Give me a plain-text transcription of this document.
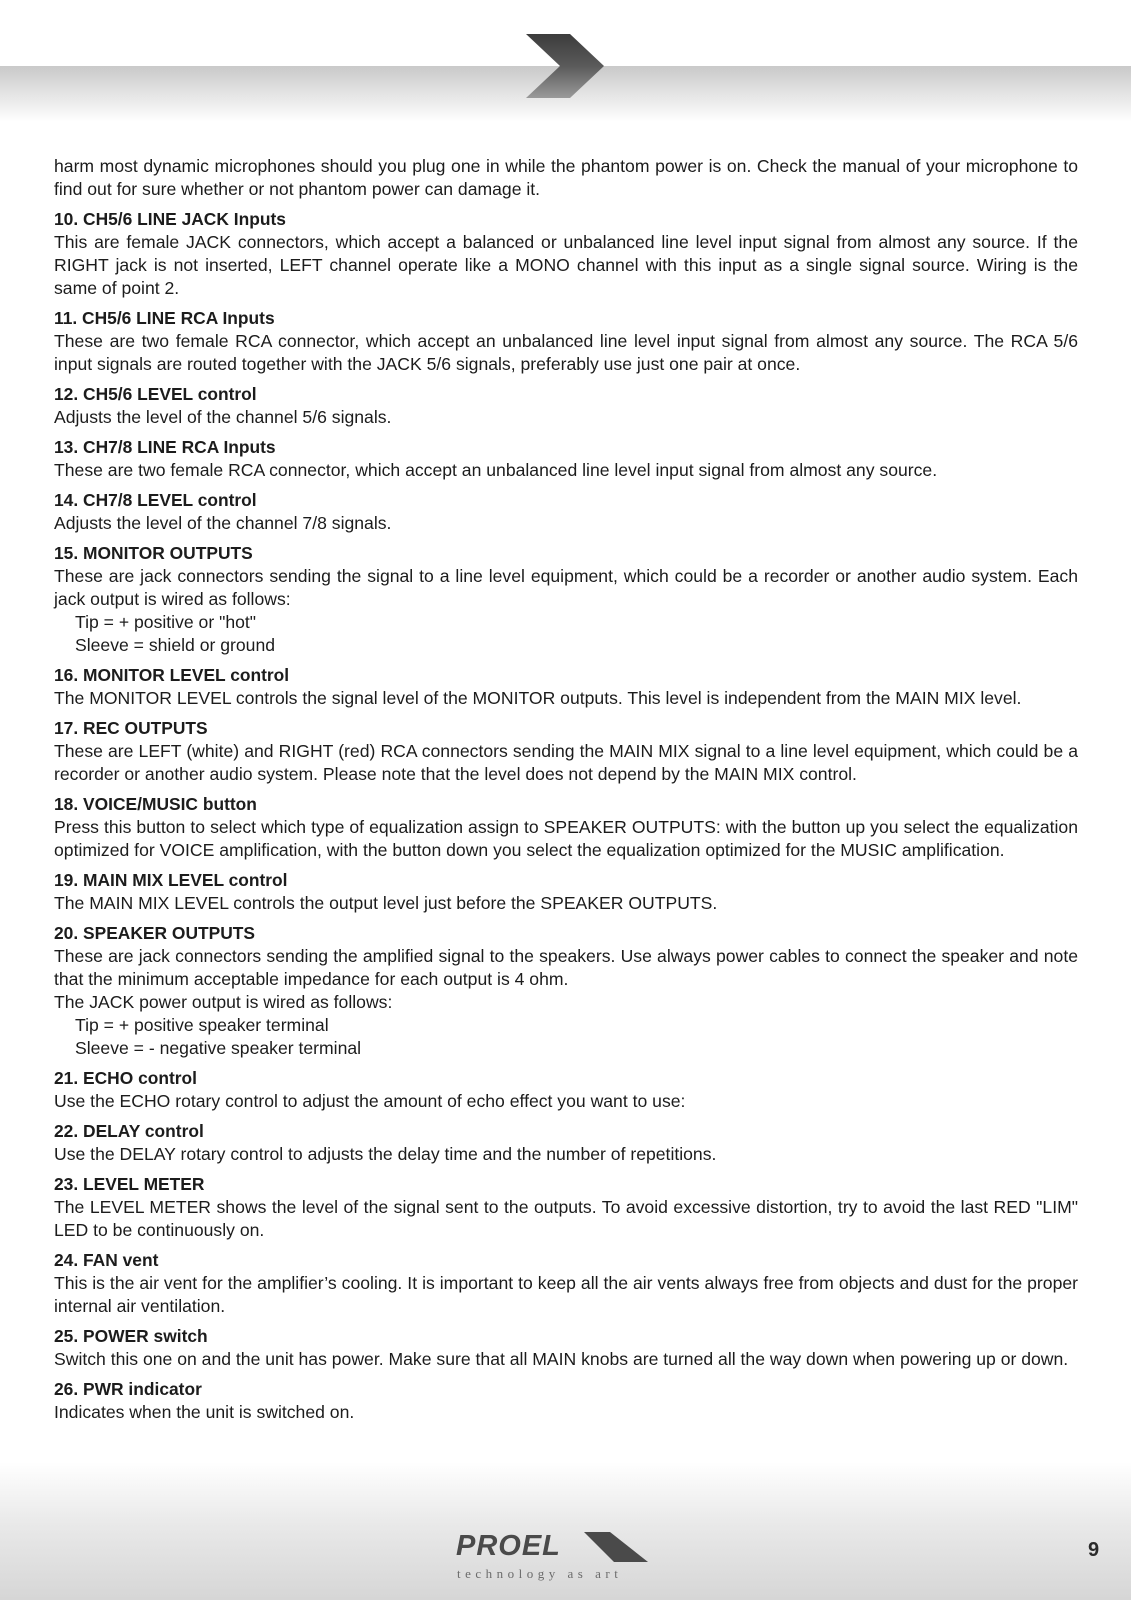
harm most dynamic microphones should you plug one in while the phantom power is on. Check the manual of your microphone to find out for sure whether or not phantom power can damage it.

10. CH5/6 LINE JACK Inputs

This are female JACK connectors, which accept a balanced or unbalanced line level input signal from almost any source. If the RIGHT jack is not inserted, LEFT channel operate like a MONO channel with this input as a single signal source. Wiring is the same of point 2.

11. CH5/6 LINE RCA Inputs

These are two female RCA connector, which accept an unbalanced line level input signal from almost any source. The RCA 5/6 input signals are routed together with the JACK 5/6 signals, preferably use just one pair at once.

12. CH5/6 LEVEL control

Adjusts the level of the channel 5/6 signals.

13. CH7/8 LINE RCA Inputs

These are two female RCA connector, which accept an unbalanced line level input signal from almost any source.

14. CH7/8 LEVEL control

Adjusts the level of the channel 7/8 signals.

15. MONITOR OUTPUTS

These are jack connectors sending the signal to a line level equipment, which could be a recorder or another audio system. Each jack output is wired as follows:

Tip = + positive or "hot"
Sleeve = shield or ground
16. MONITOR LEVEL control

The MONITOR LEVEL controls the signal level of the MONITOR outputs. This level is independent from the MAIN MIX level.

17. REC OUTPUTS

These are LEFT (white) and RIGHT (red) RCA connectors sending the MAIN MIX signal to a line level equipment, which could be a recorder or another audio system. Please note that the level does not depend by the MAIN MIX control.

18. VOICE/MUSIC button

Press this button to select which type of equalization assign to SPEAKER OUTPUTS: with the button up you select the equalization optimized for VOICE amplification, with the button down you select the equalization optimized for the MUSIC amplification.

19. MAIN MIX LEVEL control

The MAIN MIX LEVEL controls the output level just before the SPEAKER OUTPUTS.

20. SPEAKER OUTPUTS

These are jack connectors sending the amplified signal to the speakers. Use always power cables to connect the speaker and note that the minimum acceptable impedance for each output is 4 ohm.

The JACK power output is wired as follows:

Tip = + positive speaker terminal
Sleeve = - negative speaker terminal
21. ECHO control

Use the ECHO rotary control to adjust the amount of echo effect you want to use:

22. DELAY control

Use the DELAY rotary control to adjusts the delay time and the number of repetitions.

23. LEVEL METER

The LEVEL METER shows the level of the signal sent to the outputs. To avoid excessive distortion, try to avoid the last RED "LIM" LED to be continuously on.

24. FAN vent

This is the air vent for the amplifier’s cooling. It is important to keep all the air vents always free from objects and dust for the proper internal air ventilation.

25. POWER switch

Switch this one on and the unit has power. Make sure that all MAIN knobs are turned all the way down when powering up or down.

26. PWR indicator

Indicates when the unit is switched on.

PROEL
technology as art
9
